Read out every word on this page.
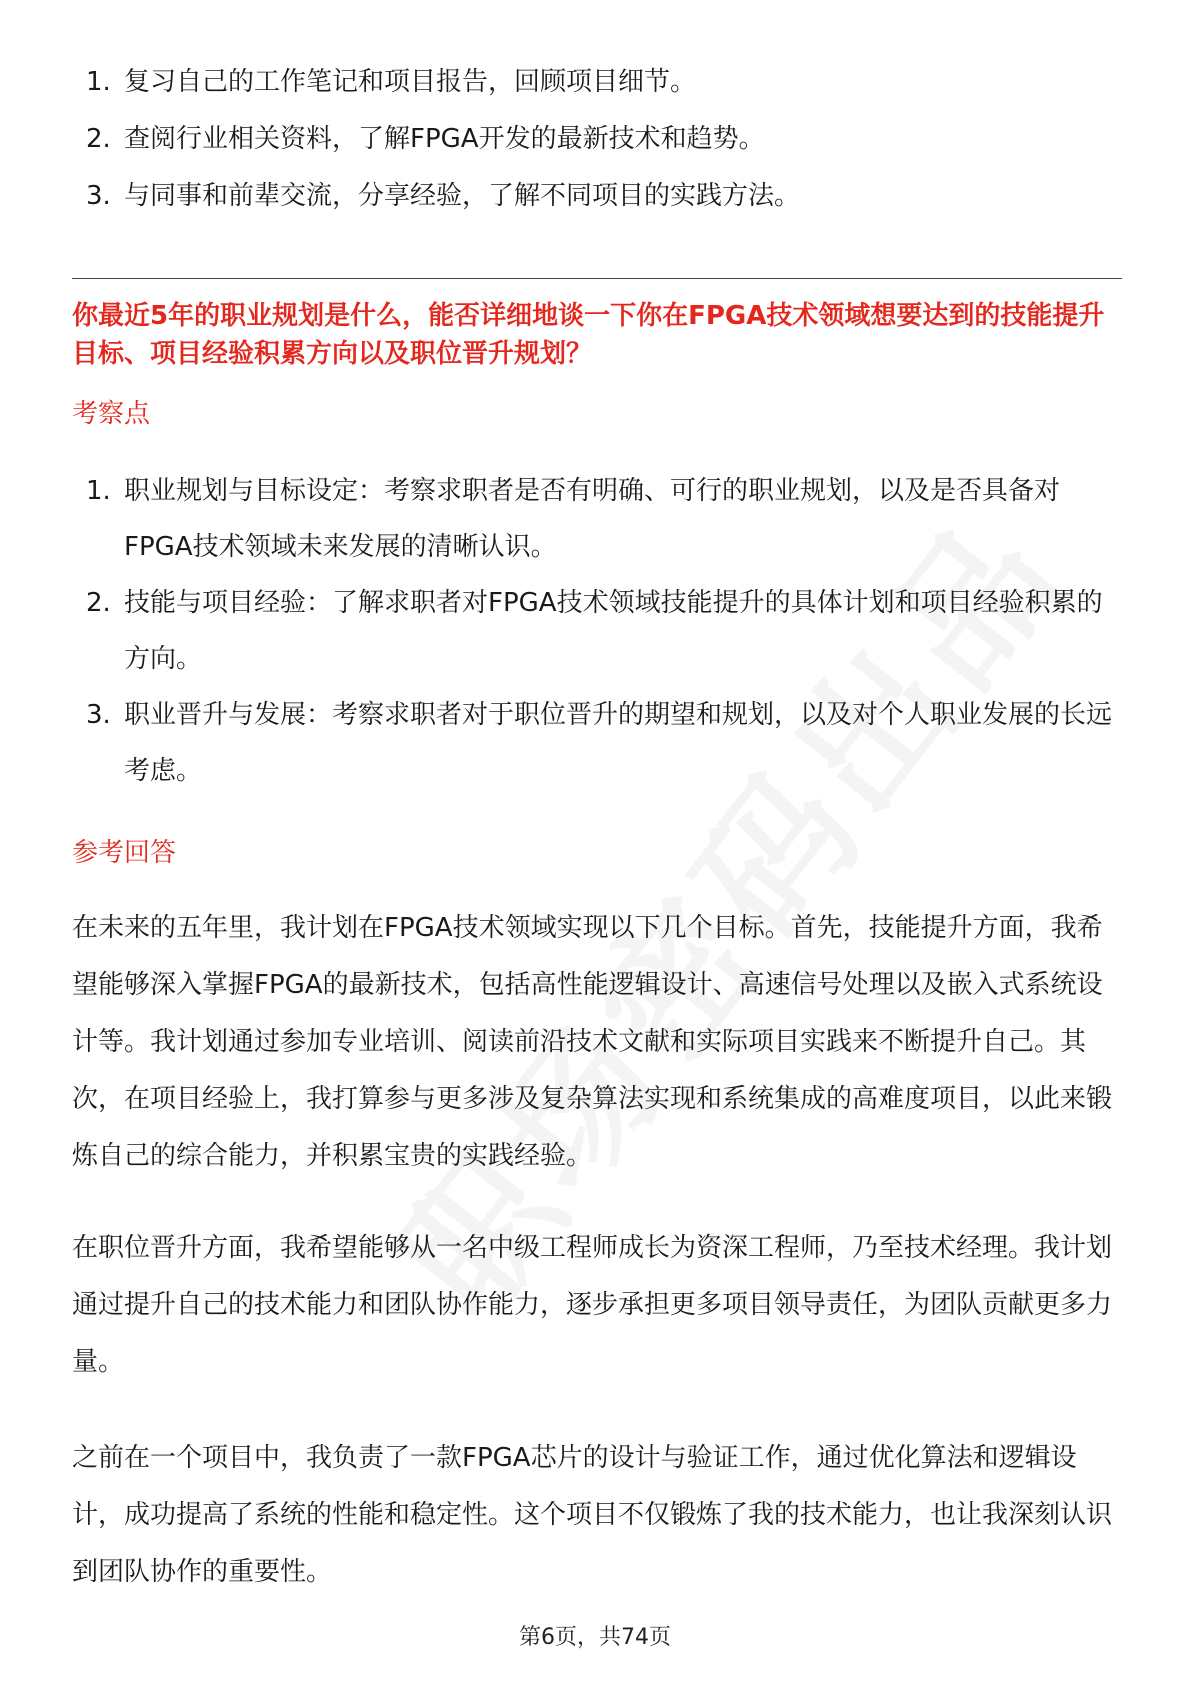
1. 复习自己的工作笔记和项目报告，回顾项目细节。
2. 查阅行业相关资料，了解FPGA开发的最新技术和趋势。
3. 与同事和前辈交流，分享经验，了解不同项目的实践方法。
你最近5年的职业规划是什么，能否详细地谈一下你在FPGA技术领域想要达到的技能提升目标、项目经验积累方向以及职位晋升规划？
考察点
1. 职业规划与目标设定：考察求职者是否有明确、可行的职业规划，以及是否具备对FPGA技术领域未来发展的清晰认识。
2. 技能与项目经验：了解求职者对FPGA技术领域技能提升的具体计划和项目经验积累的方向。
3. 职业晋升与发展：考察求职者对于职位晋升的期望和规划，以及对个人职业发展的长远考虑。
参考回答

在未来的五年里，我计划在FPGA技术领域实现以下几个目标。首先，技能提升方面，我希望能够深入掌握FPGA的最新技术，包括高性能逻辑设计、高速信号处理以及嵌入式系统设计等。我计划通过参加专业培训、阅读前沿技术文献和实际项目实践来不断提升自己。其次，在项目经验上，我打算参与更多涉及复杂算法实现和系统集成的高难度项目，以此来锻炼自己的综合能力，并积累宝贵的实践经验。

在职位晋升方面，我希望能够从一名中级工程师成长为资深工程师，乃至技术经理。我计划通过提升自己的技术能力和团队协作能力，逐步承担更多项目领导责任，为团队贡献更多力量。

之前在一个项目中，我负责了一款FPGA芯片的设计与验证工作，通过优化算法和逻辑设计，成功提高了系统的性能和稳定性。这个项目不仅锻炼了我的技术能力，也让我深刻认识到团队协作的重要性。

第6页，共74页
